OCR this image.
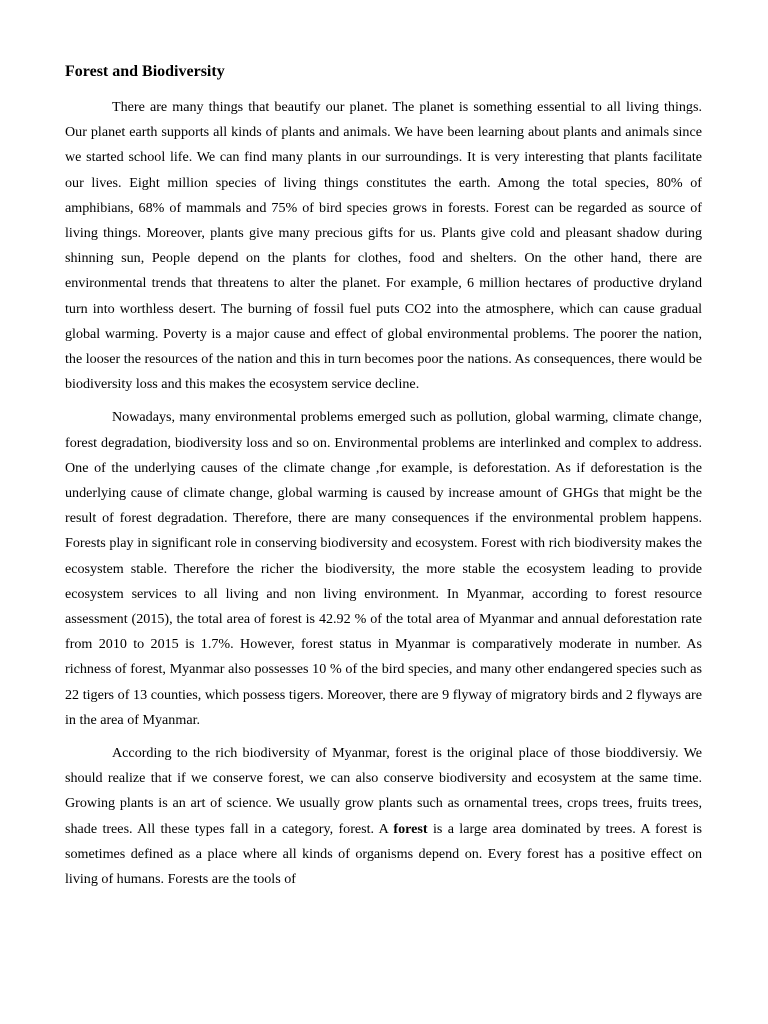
Forest and Biodiversity

There are many things that beautify our planet. The planet is something essential to all living things. Our planet earth supports all kinds of plants and animals. We have been learning about plants and animals since we started school life. We can find many plants in our surroundings. It is very interesting that plants facilitate our lives. Eight million species of living things constitutes the earth. Among the total species, 80% of amphibians, 68% of mammals and 75% of bird species grows in forests. Forest can be regarded as source of living things. Moreover, plants give many precious gifts for us. Plants give cold and pleasant shadow during shinning sun, People depend on the plants for clothes, food and shelters. On the other hand, there are environmental trends that threatens to alter the planet. For example, 6 million hectares of productive dryland turn into worthless desert. The burning of fossil fuel puts CO2 into the atmosphere, which can cause gradual global warming. Poverty is a major cause and effect of global environmental problems. The poorer the nation, the looser the resources of the nation and this in turn becomes poor the nations. As consequences, there would be biodiversity loss and this makes the ecosystem service decline.

Nowadays, many environmental problems emerged such as pollution, global warming, climate change, forest degradation, biodiversity loss and so on. Environmental problems are interlinked and complex to address. One of the underlying causes of the climate change ,for example, is deforestation. As if deforestation is the underlying cause of climate change, global warming is caused by increase amount of GHGs that might be the result of forest degradation. Therefore, there are many consequences if the environmental problem happens. Forests play in significant role in conserving biodiversity and ecosystem. Forest with rich biodiversity makes the ecosystem stable. Therefore the richer the biodiversity, the more stable the ecosystem leading to provide ecosystem services to all living and non living environment. In Myanmar, according to forest resource assessment (2015), the total area of forest is 42.92 % of the total area of Myanmar and annual deforestation rate from 2010 to 2015 is 1.7%. However, forest status in Myanmar is comparatively moderate in number. As richness of forest, Myanmar also possesses 10 % of the bird species, and many other endangered species such as 22 tigers of 13 counties, which possess tigers. Moreover, there are 9 flyway of migratory birds and 2 flyways are in the area of Myanmar.

According to the rich biodiversity of Myanmar, forest is the original place of those bioddiversiy. We should realize that if we conserve forest, we can also conserve biodiversity and ecosystem at the same time. Growing plants is an art of science. We usually grow plants such as ornamental trees, crops trees, fruits trees, shade trees. All these types fall in a category, forest. A forest is a large area dominated by trees. A forest is sometimes defined as a place where all kinds of organisms depend on. Every forest has a positive effect on living of humans. Forests are the tools of
